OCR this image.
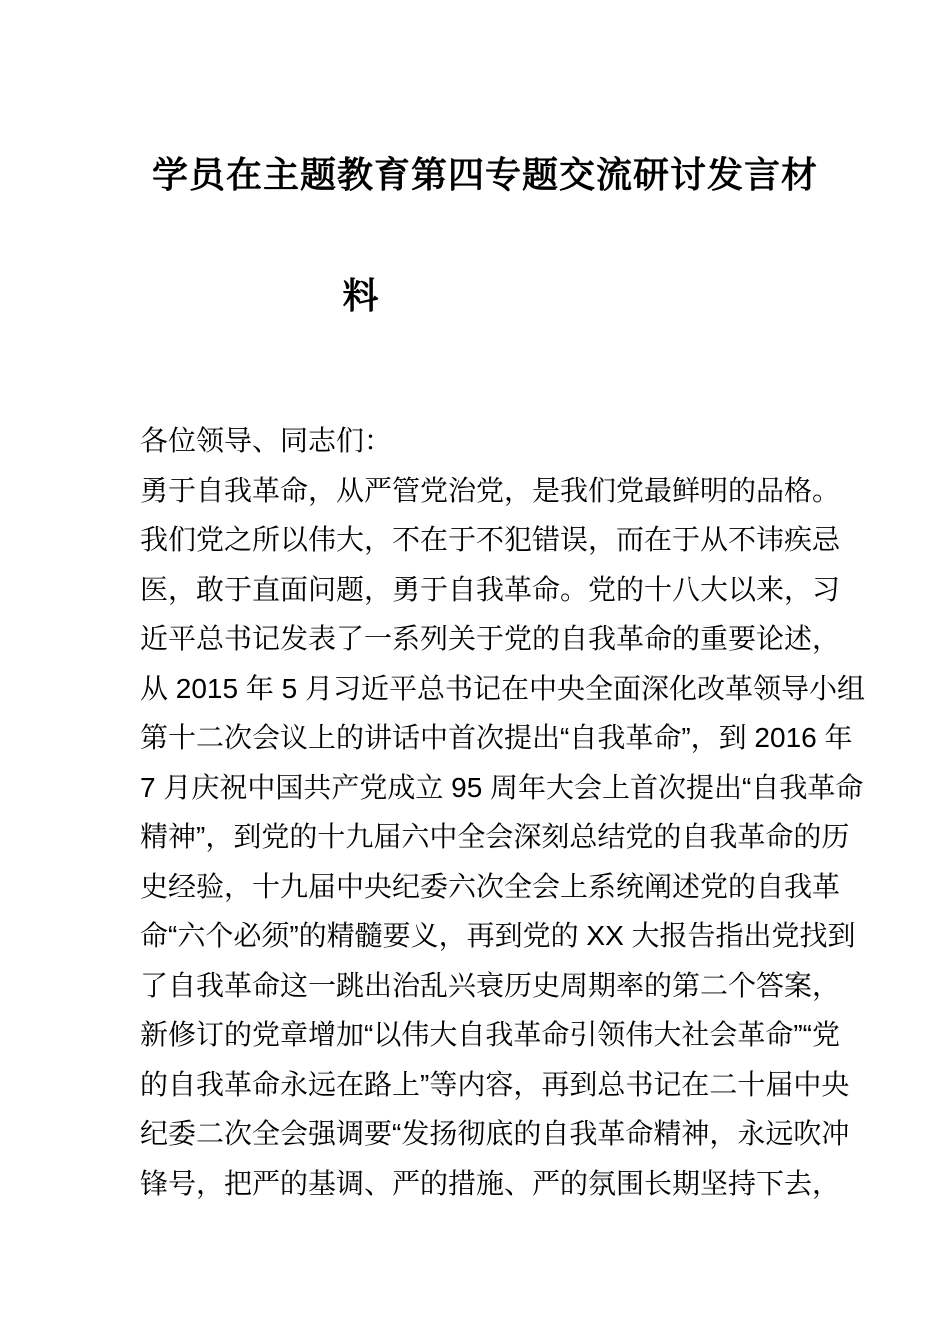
学员在主题教育第四专题交流研讨发言材
料

各位领导、同志们：

勇于自我革命，从严管党治党，是我们党最鲜明的品格。
我们党之所以伟大，不在于不犯错误，而在于从不讳疾忌
医，敢于直面问题，勇于自我革命。党的十八大以来，习
近平总书记发表了一系列关于党的自我革命的重要论述，
从 2015 年 5 月习近平总书记在中央全面深化改革领导小组
第十二次会议上的讲话中首次提出“自我革命”，到 2016 年
7 月庆祝中国共产党成立 95 周年大会上首次提出“自我革命
精神”，到党的十九届六中全会深刻总结党的自我革命的历
史经验，十九届中央纪委六次全会上系统阐述党的自我革
命“六个必须”的精髓要义，再到党的 XX 大报告指出党找到
了自我革命这一跳出治乱兴衰历史周期率的第二个答案，
新修订的党章增加“以伟大自我革命引领伟大社会革命”“党
的自我革命永远在路上”等内容，再到总书记在二十届中央
纪委二次全会强调要“发扬彻底的自我革命精神，永远吹冲
锋号，把严的基调、严的措施、严的氛围长期坚持下去，
